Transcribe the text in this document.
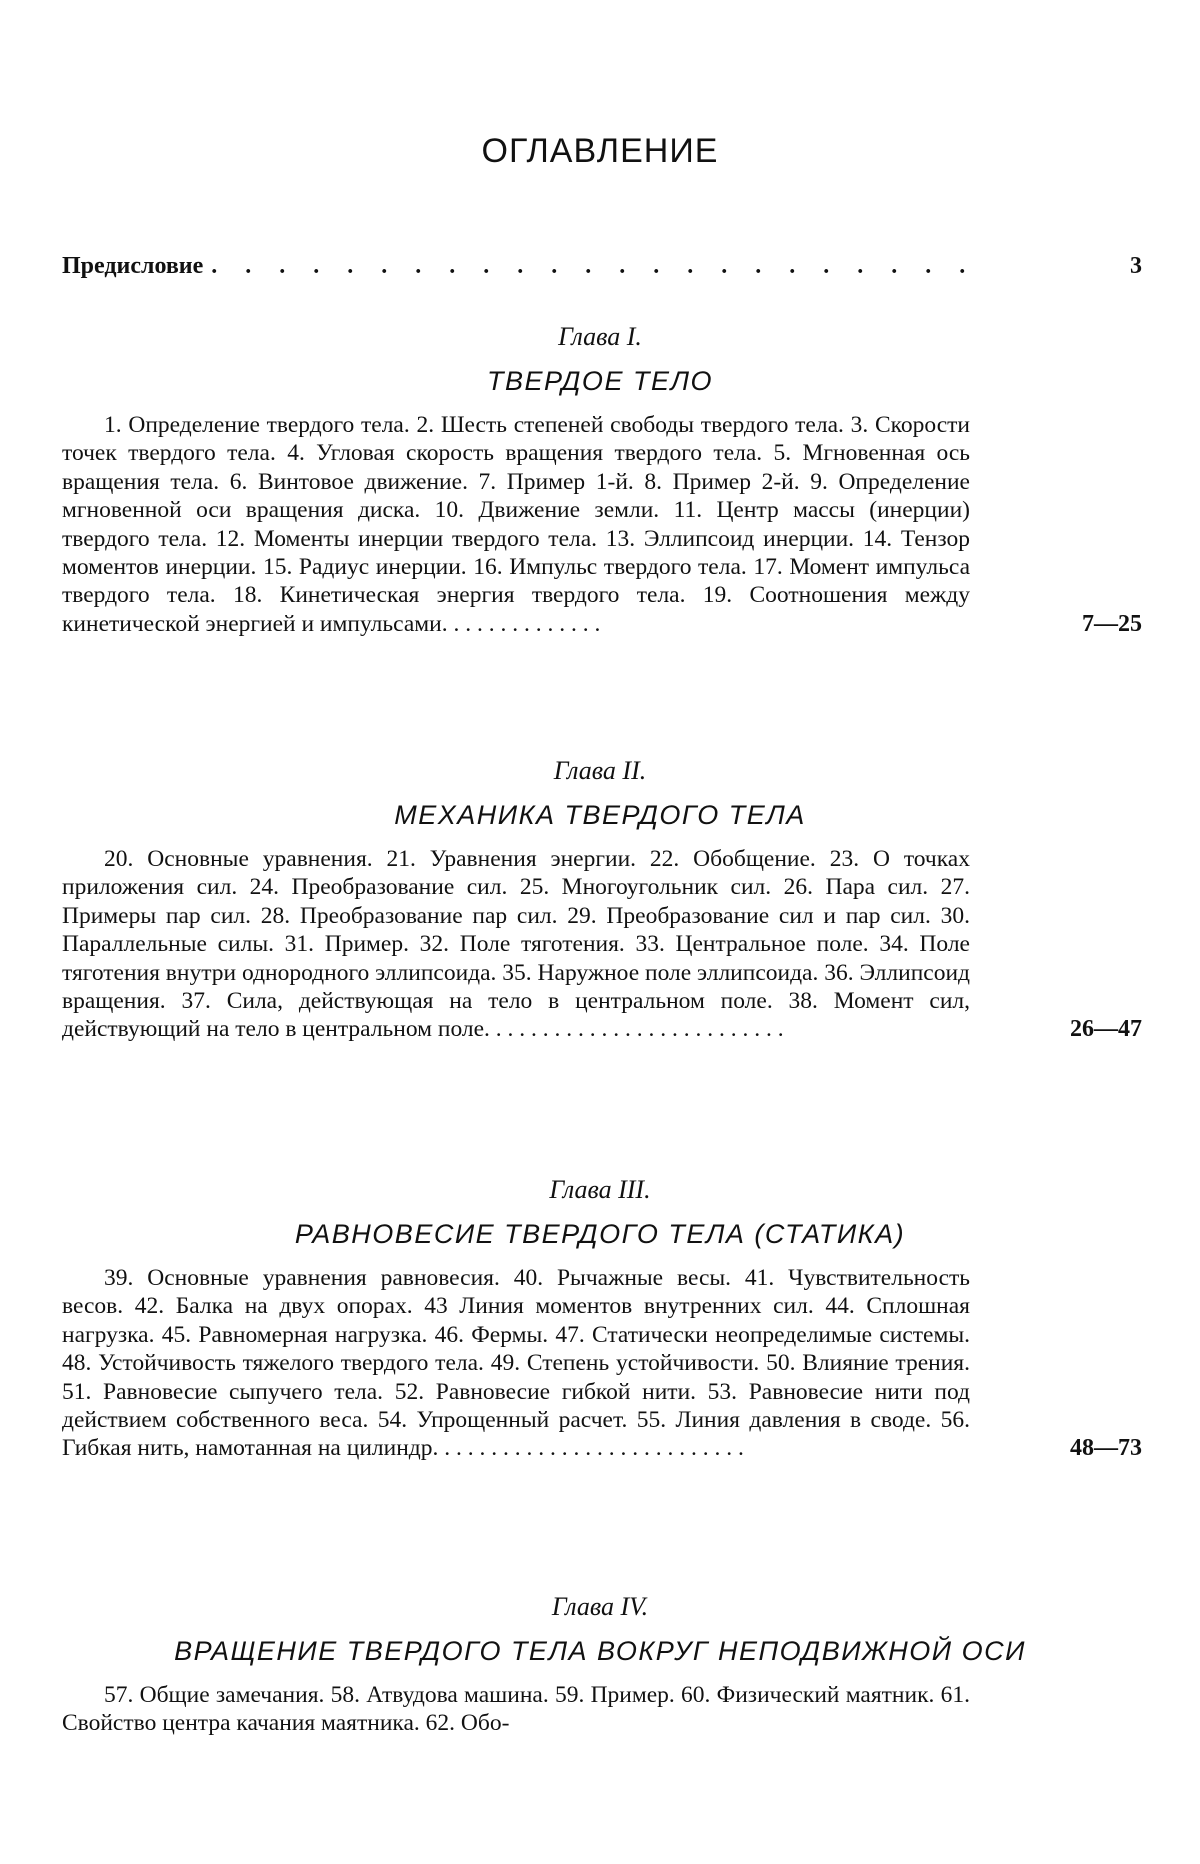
ОГЛАВЛЕНИЕ
Предисловие
. . .	3
Глава I.
ТВЕРДОЕ ТЕЛО
1. Определение твердого тела. 2. Шесть степеней свободы твердого тела. 3. Скорости точек твердого тела. 4. Угловая скорость вращения твердого тела. 5. Мгновенная ось вращения тела. 6. Винтовое движение. 7. Пример 1-й. 8. Пример 2-й. 9. Определение мгновенной оси вращения диска. 10. Движение земли. 11. Центр массы (инерции) твердого тела. 12. Моменты инерции твердого тела. 13. Эллипсоид инерции. 14. Тензор моментов инерции. 15. Радиус инерции. 16. Импульс твердого тела. 17. Момент импульса твердого тела. 18. Кинетическая энергия твердого тела. 19. Соотношения между кинетической энергией и импульсами. . . . . . . . . . . . . .	7—25
Глава II.
МЕХАНИКА ТВЕРДОГО ТЕЛА
20. Основные уравнения. 21. Уравнения энергии. 22. Обобщение. 23. О точках приложения сил. 24. Преобразование сил. 25. Многоугольник сил. 26. Пара сил. 27. Примеры пар сил. 28. Преобразование пар сил. 29. Преобразование сил и пар сил. 30. Параллельные силы. 31. Пример. 32. Поле тяготения. 33. Центральное поле. 34. Поле тяготения внутри однородного эллипсоида. 35. Наружное поле эллипсоида. 36. Эллипсоид вращения. 37. Сила, действующая на тело в центральном поле. 38. Момент сил, действующий на тело в центральном поле. . . . . . . . . . . . . . . . . . . . . . . . . .	26—47
Глава III.
РАВНОВЕСИЕ ТВЕРДОГО ТЕЛА (СТАТИКА)
39. Основные уравнения равновесия. 40. Рычажные весы. 41. Чувствительность весов. 42. Балка на двух опорах. 43 Линия моментов внутренних сил. 44. Сплошная нагрузка. 45. Равномерная нагрузка. 46. Фермы. 47. Статически неопределимые системы. 48. Устойчивость тяжелого твердого тела. 49. Степень устойчивости. 50. Влияние трения. 51. Равновесие сыпучего тела. 52. Равновесие гибкой нити. 53. Равновесие нити под действием собственного веса. 54. Упрощенный расчет. 55. Линия давления в своде. 56. Гибкая нить, намотанная на цилиндр. . . . . . . . . . . . . . . . . . . . . . . . . . .	48—73
Глава IV.
ВРАЩЕНИЕ ТВЕРДОГО ТЕЛА ВОКРУГ НЕПОДВИЖНОЙ ОСИ
57. Общие замечания. 58. Атвудова машина. 59. Пример. 60. Физический маятник. 61. Свойство центра качания маятника. 62. Обо-
